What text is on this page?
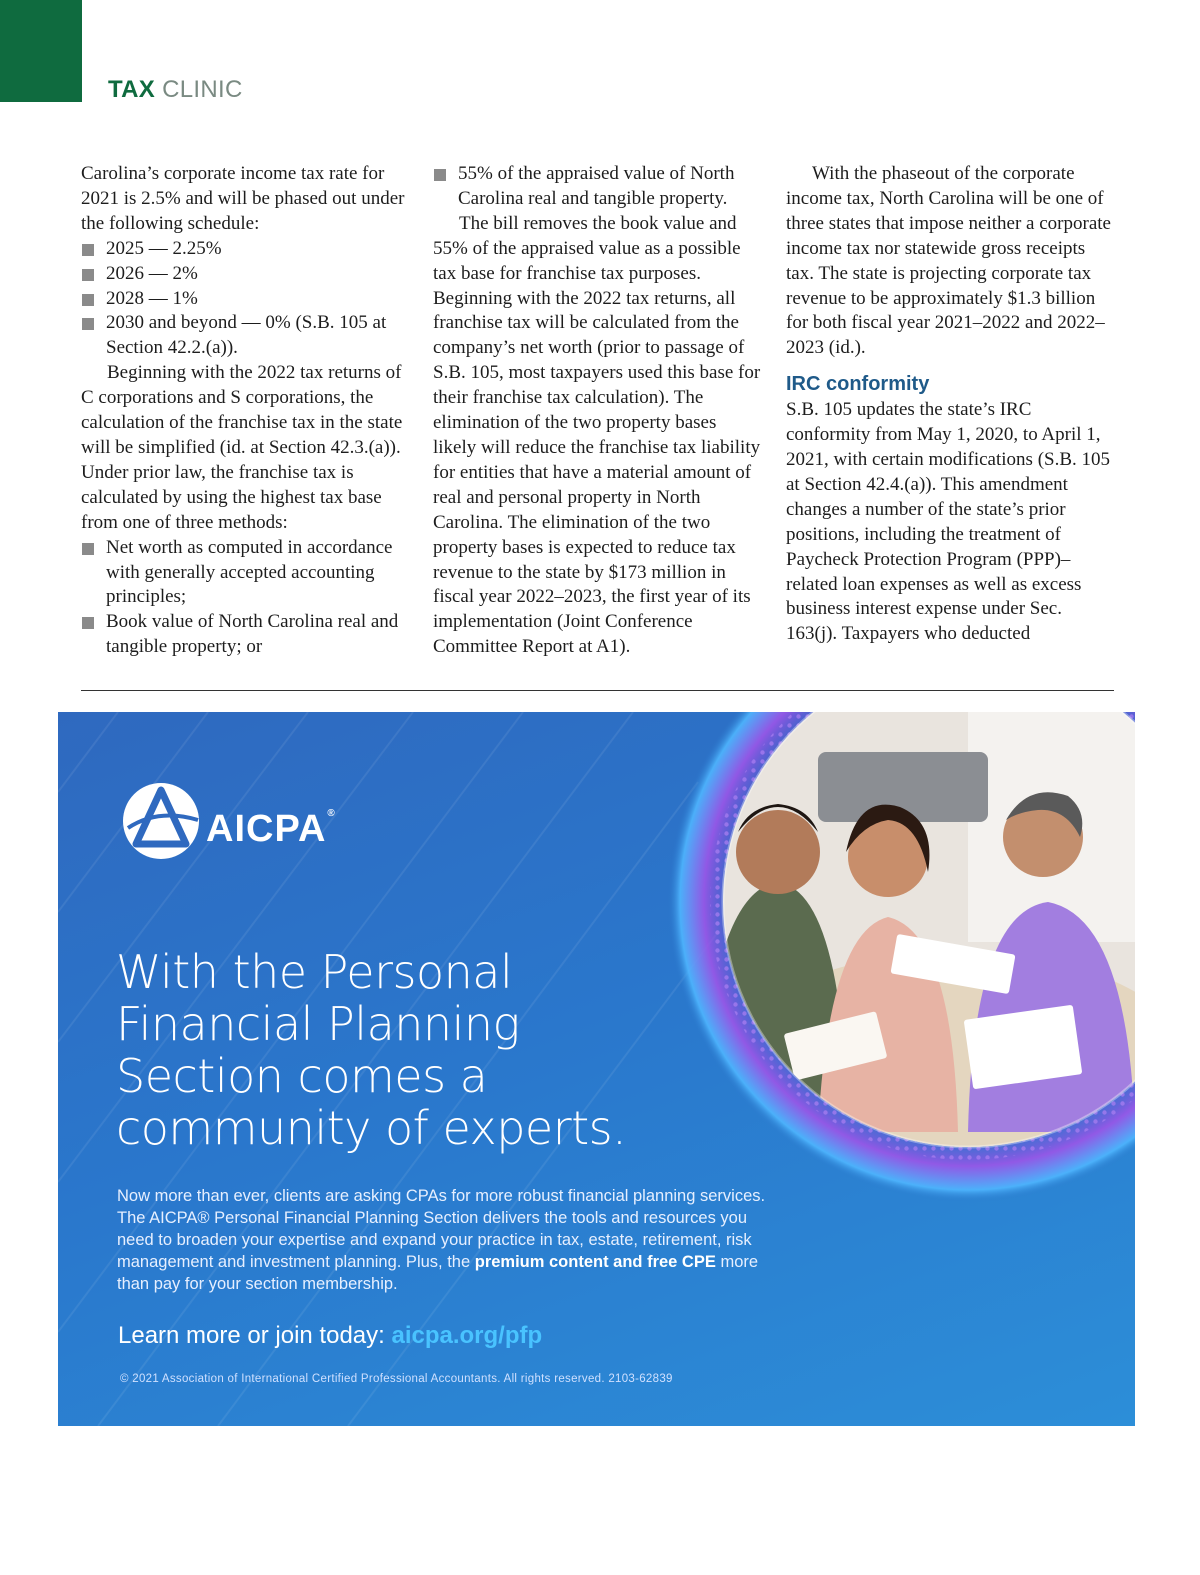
TAX CLINIC

Carolina’s corporate income tax rate for 2021 is 2.5% and will be phased out under the following schedule:

2025 — 2.25%
2026 — 2%
2028 — 1%
2030 and beyond — 0% (S.B. 105 at Section 42.2.(a)).

Beginning with the 2022 tax returns of C corporations and S corporations, the calculation of the franchise tax in the state will be simplified (id. at Section 42.3.(a)). Under prior law, the franchise tax is calculated by using the highest tax base from one of three methods:

Net worth as computed in accordance with generally accepted accounting principles;
Book value of North Carolina real and tangible property; or
55% of the appraised value of North Carolina real and tangible property.

The bill removes the book value and 55% of the appraised value as a possible tax base for franchise tax purposes. Beginning with the 2022 tax returns, all franchise tax will be calculated from the company’s net worth (prior to passage of S.B. 105, most taxpayers used this base for their franchise tax calculation). The elimination of the two property bases likely will reduce the franchise tax liability for entities that have a material amount of real and personal property in North Carolina. The elimination of the two property bases is expected to reduce tax revenue to the state by $173 million in fiscal year 2022–2023, the first year of its implementation (Joint Conference Committee Report at A1).

With the phaseout of the corporate income tax, North Carolina will be one of three states that impose neither a corporate income tax nor statewide gross receipts tax. The state is projecting corporate tax revenue to be approximately $1.3 billion for both fiscal year 2021–2022 and 2022–2023 (id.).

IRC conformity

S.B. 105 updates the state’s IRC conformity from May 1, 2020, to April 1, 2021, with certain modifications (S.B. 105 at Section 42.4.(a)). This amendment changes a number of the state’s prior positions, including the treatment of Paycheck Protection Program (PPP)–related loan expenses as well as excess business interest expense under Sec. 163(j). Taxpayers who deducted

AICPA®
With the Personal
Financial Planning
Section comes a
community of experts.
Now more than ever, clients are asking CPAs for more robust financial planning services. The AICPA® Personal Financial Planning Section delivers the tools and resources you need to broaden your expertise and expand your practice in tax, estate, retirement, risk management and investment planning. Plus, the premium content and free CPE more than pay for your section membership.
Learn more or join today: aicpa.org/pfp
© 2021 Association of International Certified Professional Accountants. All rights reserved. 2103-62839
